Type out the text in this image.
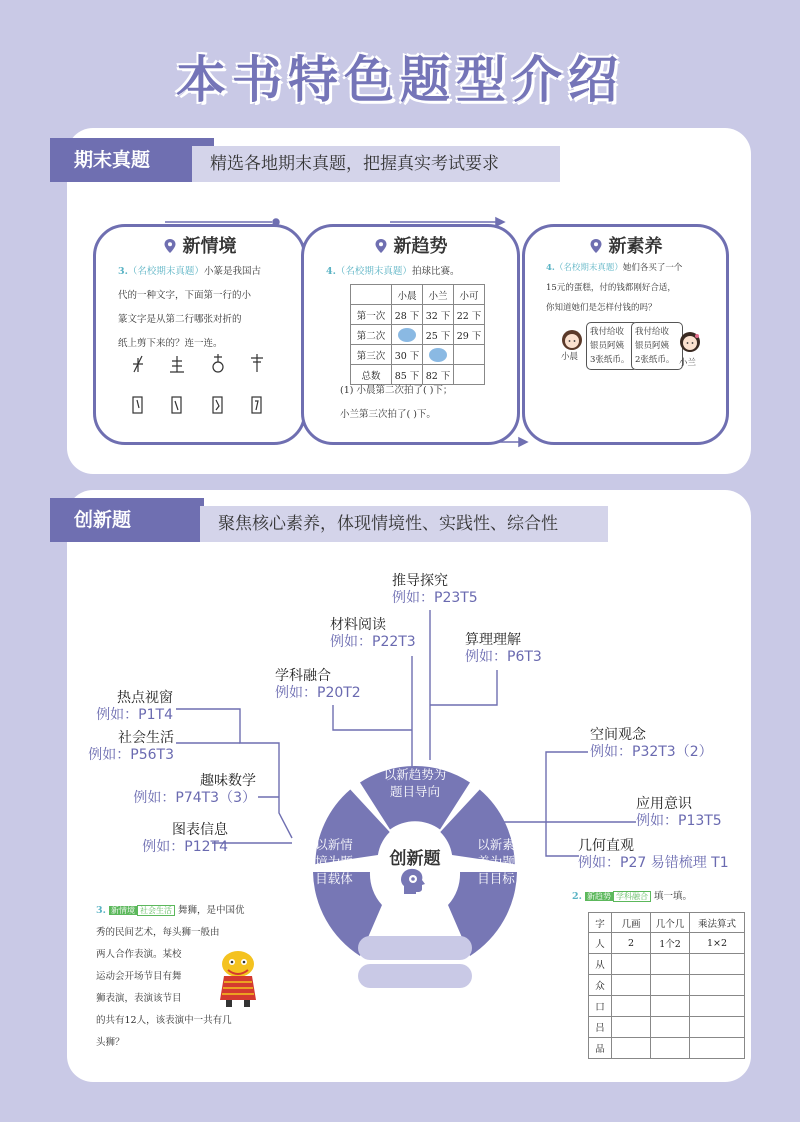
本书特色题型介绍
期末真题	精选各地期末真题，把握真实考试要求
新情境
3.（名校期末真题）小篆是我国古
代的一种文字，下面第一行的小
篆文字是从第二行哪张对折的
纸上剪下来的？连一连。
新趋势
4.（名校期末真题）拍球比赛。
	小晨	小兰	小可
第一次	28 下	32 下	22 下
第二次		25 下	29 下
第三次	30 下		
总数	85 下	82 下	
(1) 小晨第二次拍了( )下；
小兰第三次拍了( )下。
新素养
4.（名校期末真题）她们各买了一个
15元的蛋糕，付的钱都刚好合适，
你知道她们是怎样付钱的吗？
小晨
我付给收
银员阿姨
3张纸币。
我付给收
银员阿姨
2张纸币。 小兰
创新题	聚焦核心素养，体现情境性、实践性、综合性
推导探究
例如：P23T5
材料阅读
例如：P22T3	算理理解
例如：P6T3
学科融合
例如：P20T2
热点视窗
例如：P1T4
社会生活
例如：P56T3
趣味数学
例如：P74T3（3）
图表信息
例如：P12T4
空间观念
例如：P32T3（2）
应用意识
例如：P13T5
几何直观
例如：P27 易错梳理 T1
创新题
以新趋势为
题目导向
以新情
境为题
目载体
以新素
养为题
目目标
3. 新情境 社会生活 舞狮，是中国优
秀的民间艺术，每头狮一般由
两人合作表演。某校
运动会开场节目有舞
狮表演，表演该节目
的共有12人，该表演中一共有几
头狮？
2. 新趋势 学科融合 填一填。
字	几画	几个几	乘法算式
人	2	1个2	1×2
从			
众			
口			
吕			
品			
